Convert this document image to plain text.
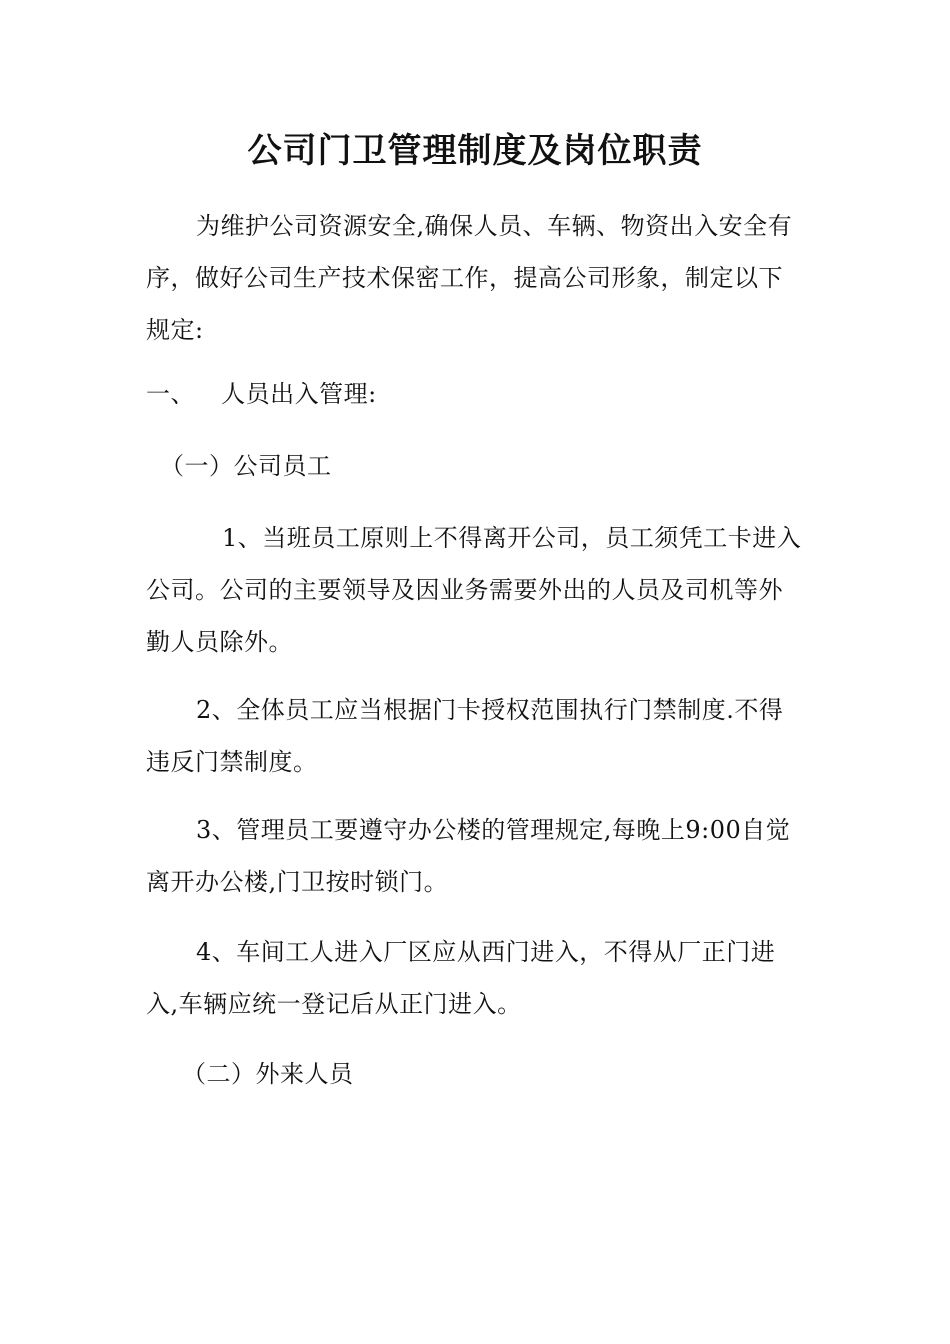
公司门卫管理制度及岗位职责

为维护公司资源安全,确保人员、车辆、物资出入安全有序，做好公司生产技术保密工作，提高公司形象，制定以下规定:

一、 人员出入管理:

（一）公司员工

1、当班员工原则上不得离开公司，员工须凭工卡进入公司。公司的主要领导及因业务需要外出的人员及司机等外勤人员除外。

2、全体员工应当根据门卡授权范围执行门禁制度.不得违反门禁制度。

3、管理员工要遵守办公楼的管理规定,每晚上9:00自觉离开办公楼,门卫按时锁门。

4、车间工人进入厂区应从西门进入，不得从厂正门进入,车辆应统一登记后从正门进入。

（二）外来人员
